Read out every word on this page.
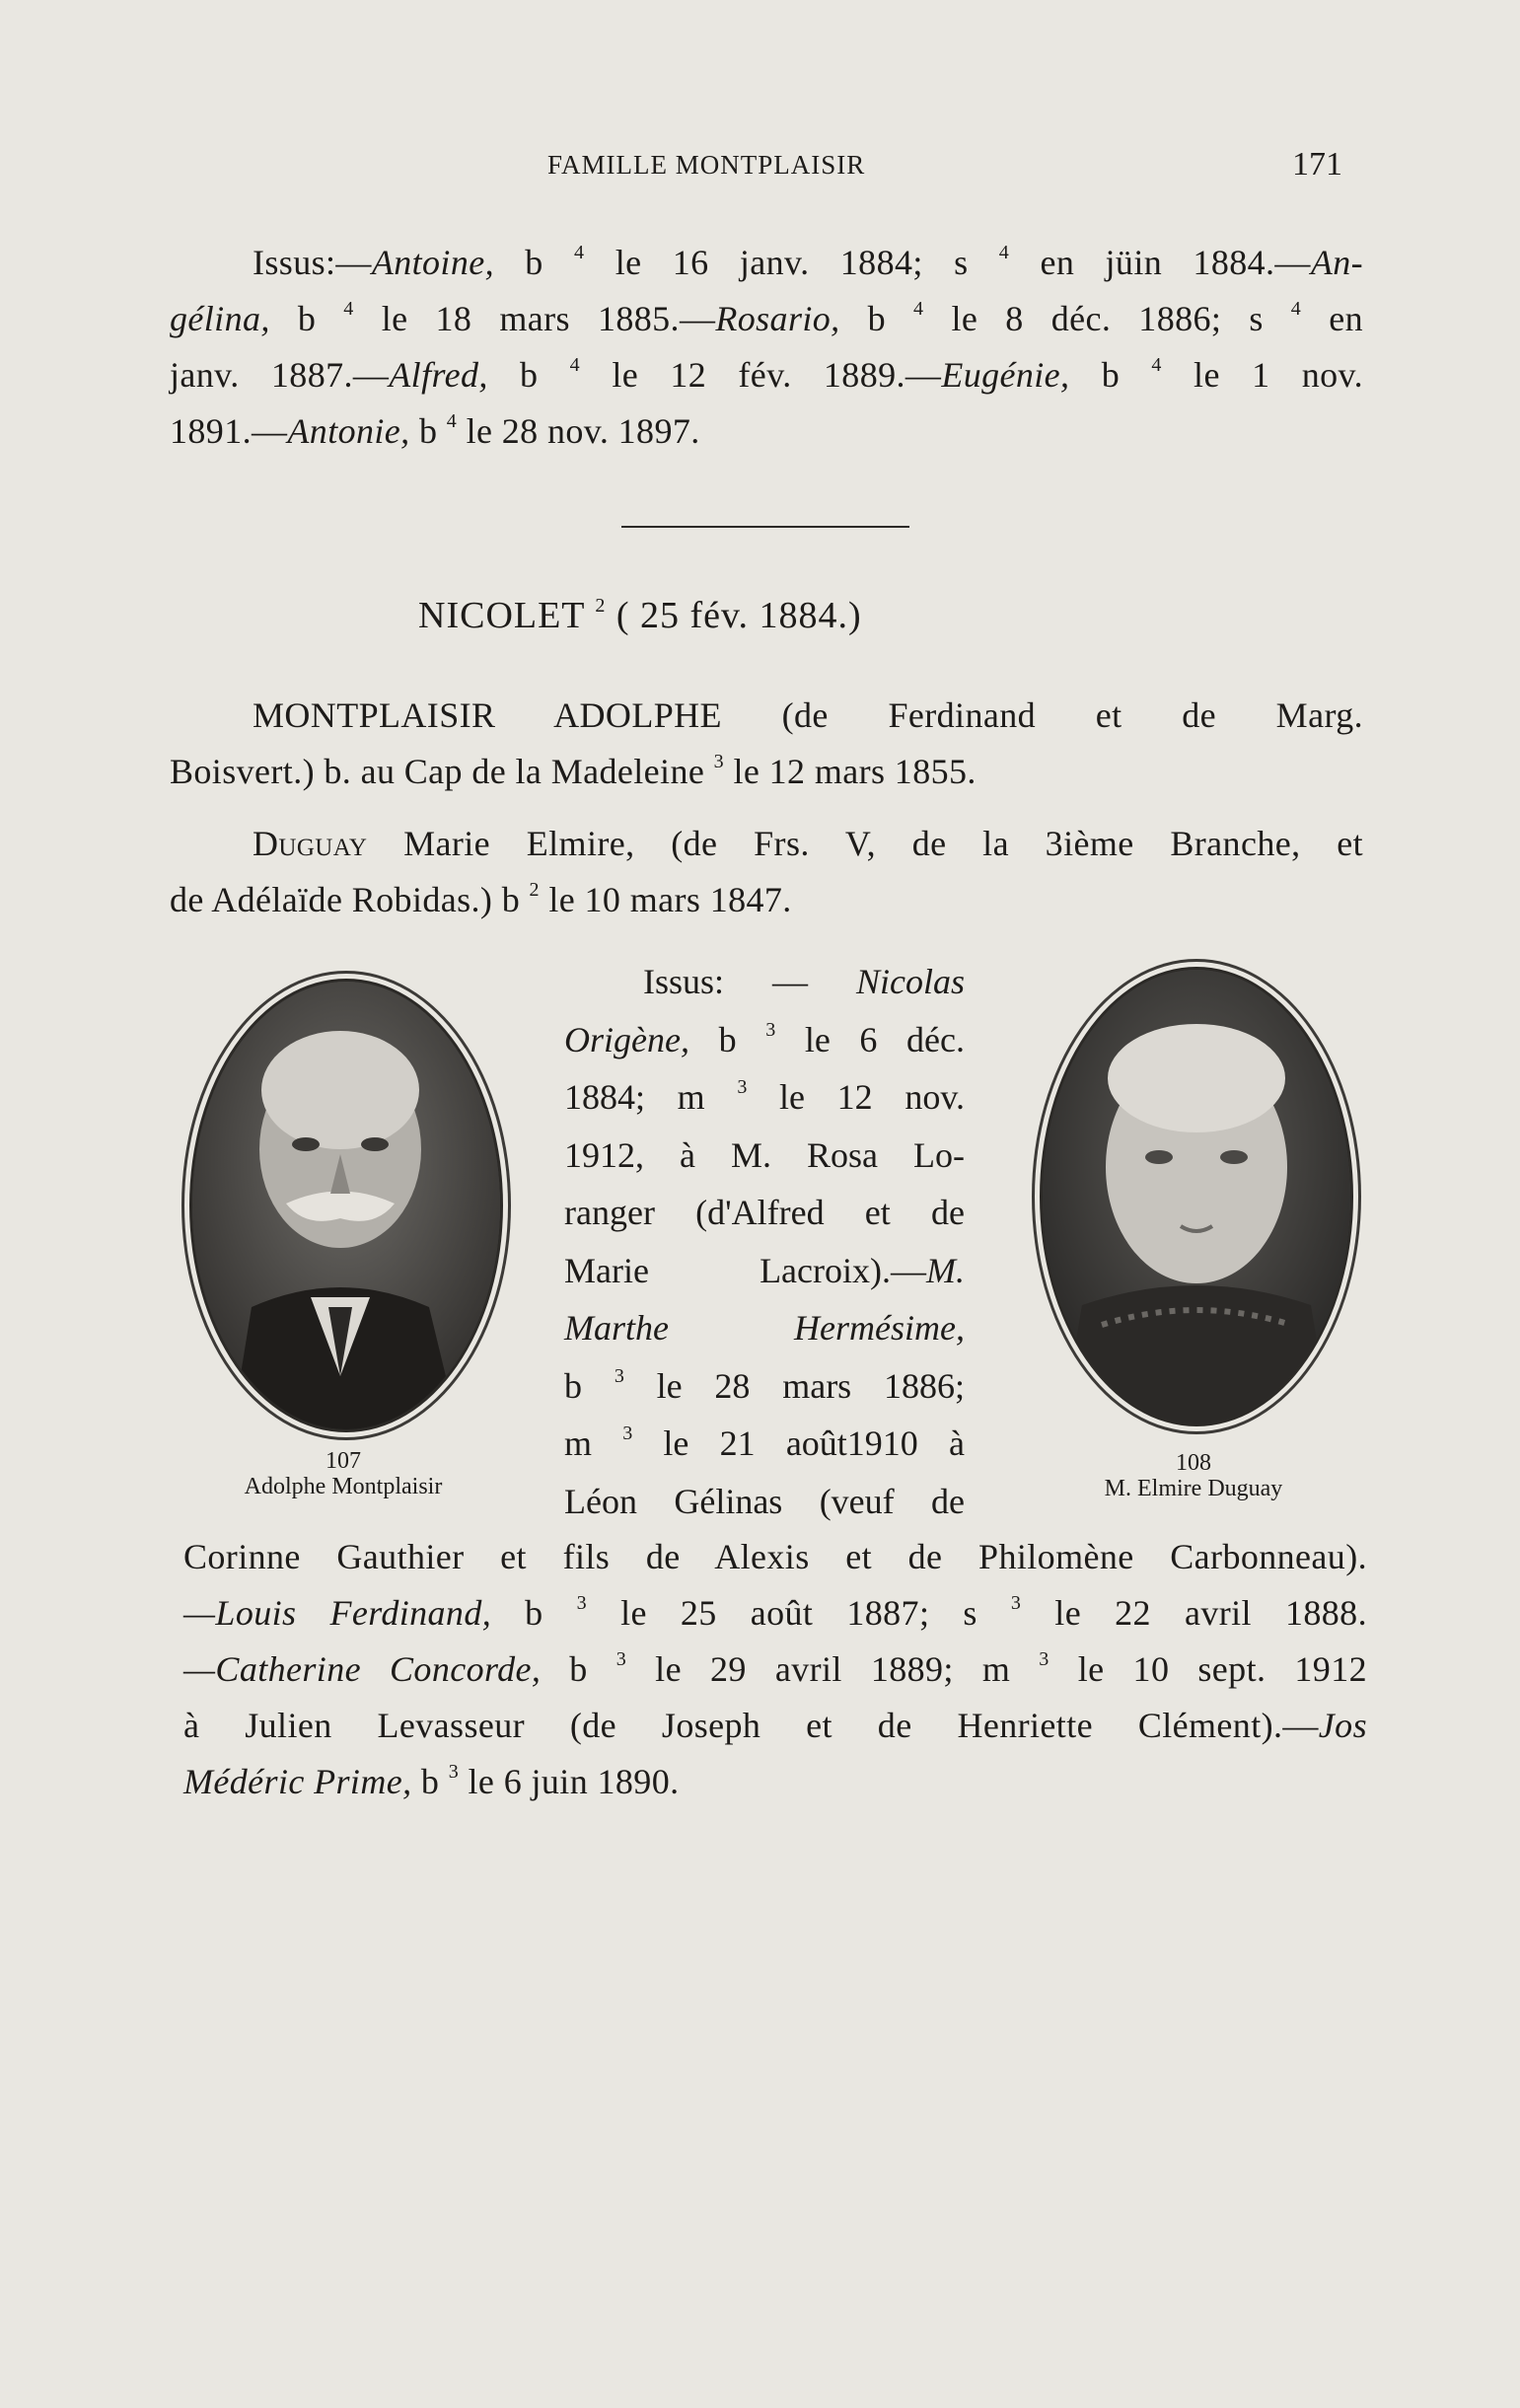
FAMILLE MONTPLAISIR	171
Issus:—Antoine, b $^4$ le 16 janv. 1884; s $^4$ en jüin 1884.—An-
gélina, b $^4$ le 18 mars 1885.—Rosario, b $^4$ le 8 déc. 1886; s $^4$ en
janv. 1887.—Alfred, b $^4$ le 12 fév. 1889.—Eugénie, b $^4$ le 1 nov.
1891.—Antonie, b $^4$ le 28 nov. 1897.
NICOLET $^2$ ( 25 fév. 1884.)
MONTPLAISIR ADOLPHE (de Ferdinand et de Marg.
Boisvert.) b. au Cap de la Madeleine $^3$ le 12 mars 1855.
Duguay Marie Elmire, (de Frs. V, de la 3ième Branche, et
de Adélaïde Robidas.) b $^2$ le 10 mars 1847.
107
Adolphe Montplaisir
108
M. Elmire Duguay
Issus: — Nicolas
Origène, b $^3$ le 6 déc.
1884; m $^3$ le 12 nov.
1912, à M. Rosa Lo-
ranger (d'Alfred et de
Marie Lacroix).—M.
Marthe Hermésime,
b $^3$ le 28 mars 1886;
m $^3$ le 21 août1910 à
Léon Gélinas (veuf de
Corinne Gauthier et fils de Alexis et de Philomène Carbonneau).
—Louis Ferdinand, b $^3$ le 25 août 1887; s $^3$ le 22 avril 1888.
—Catherine Concorde, b $^3$ le 29 avril 1889; m $^3$ le 10 sept. 1912
à Julien Levasseur (de Joseph et de Henriette Clément).—Jos
Médéric Prime, b $^3$ le 6 juin 1890.
